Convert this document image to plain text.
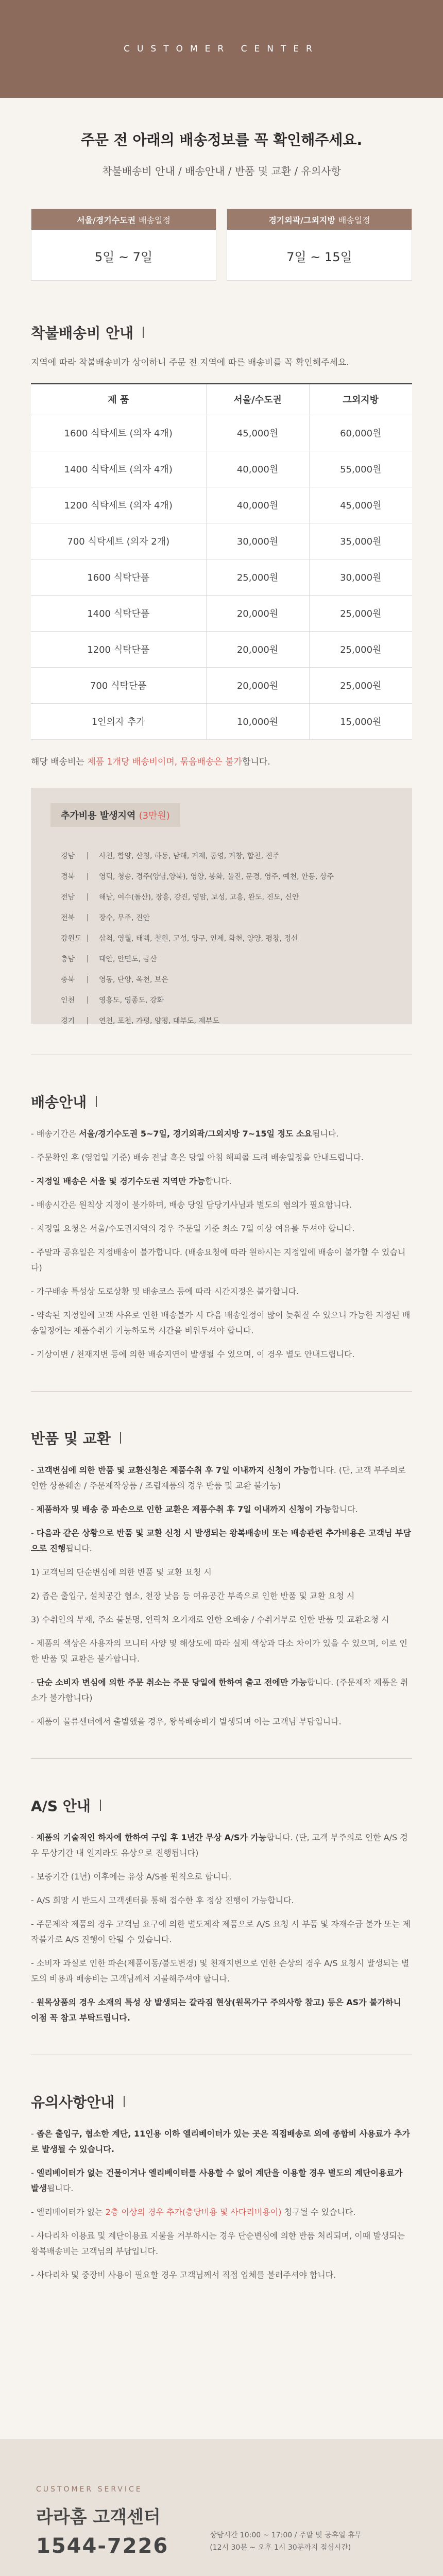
CUSTOMER CENTER
주문 전 아래의 배송정보를 꼭 확인해주세요.
착불배송비 안내 / 배송안내 / 반품 및 교환 / 유의사항
서울/경기수도권 배송일정
5일 ~ 7일
경기외곽/그외지방 배송일정
7일 ~ 15일
착불배송비 안내
지역에 따라 착불배송비가 상이하니 주문 전 지역에 따른 배송비를 꼭 확인해주세요.
제 품	서울/수도권	그외지방
1600 식탁세트 (의자 4개)	45,000원	60,000원
1400 식탁세트 (의자 4개)	40,000원	55,000원
1200 식탁세트 (의자 4개)	40,000원	45,000원
700 식탁세트 (의자 2개)	30,000원	35,000원
1600 식탁단품	25,000원	30,000원
1400 식탁단품	20,000원	25,000원
1200 식탁단품	20,000원	25,000원
700 식탁단품	20,000원	25,000원
1인의자 추가	10,000원	15,000원
해당 배송비는 제품 1개당 배송비이며, 묶음배송은 불가합니다.
추가비용 발생지역 (3만원)
경남	|	사천, 함양, 산청, 하동, 남해, 거제, 통영, 거창, 합천, 진주
경북	|	영덕, 청송, 경주(양남,양북), 영양, 봉화, 울진, 문경, 영주, 예천, 안동, 상주
전남	|	해남, 여수(돌산), 장흥, 강진, 영암, 보성, 고흥, 완도, 진도, 신안
전북	|	장수, 무주, 진안
강원도 |	삼척, 영월, 태백, 철원, 고성, 양구, 인제, 화천, 양양, 평창, 정선
충남	|	태안, 안면도, 금산
충북	|	영동, 단양, 옥천, 보은
인천	|	영흥도, 영종도, 강화
경기	|	연천, 포천, 가평, 양평, 대부도, 제부도
배송안내
- 배송기간은 서울/경기수도권 5~7일, 경기외곽/그외지방 7~15일 정도 소요됩니다.
- 주문확인 후 (영업일 기준) 배송 전날 혹은 당일 아침 해피콜 드려 배송일정을 안내드립니다.
- 지정일 배송은 서울 및 경기수도권 지역만 가능합니다.
- 배송시간은 원칙상 지정이 불가하며, 배송 당일 담당기사님과 별도의 협의가 필요합니다.
- 지정일 요청은 서울/수도권지역의 경우 주문일 기준 최소 7일 이상 여유를 두셔야 합니다.
- 주말과 공휴일은 지정배송이 불가합니다. (배송요청에 따라 원하시는 지정일에 배송이 불가할 수 있습니다)
- 가구배송 특성상 도로상황 및 배송코스 등에 따라 시간지정은 불가합니다.
- 약속된 지정일에 고객 사유로 인한 배송불가 시 다음 배송일정이 많이 늦춰질 수 있으니 가능한 지정된 배송일정에는 제품수취가 가능하도록 시간을 비워두셔야 합니다.
- 기상이변 / 천재지변 등에 의한 배송지연이 발생될 수 있으며, 이 경우 별도 안내드립니다.
반품 및 교환
- 고객변심에 의한 반품 및 교환신청은 제품수취 후 7일 이내까지 신청이 가능합니다. (단, 고객 부주의로 인한 상품훼손 / 주문제작상품 / 조립제품의 경우 반품 및 교환 불가능)
- 제품하자 및 배송 중 파손으로 인한 교환은 제품수취 후 7일 이내까지 신청이 가능합니다.
- 다음과 같은 상황으로 반품 및 교환 신청 시 발생되는 왕복배송비 또는 배송관련 추가비용은 고객님 부담으로 진행됩니다.
1) 고객님의 단순변심에 의한 반품 및 교환 요청 시
2) 좁은 출입구, 설치공간 협소, 천장 낮음 등 여유공간 부족으로 인한 반품 및 교환 요청 시
3) 수취인의 부재, 주소 불분명, 연락처 오기재로 인한 오배송 / 수취거부로 인한 반품 및 교환요청 시
- 제품의 색상은 사용자의 모니터 사양 및 해상도에 따라 실제 색상과 다소 차이가 있을 수 있으며, 이로 인한 반품 및 교환은 불가합니다.
- 단순 소비자 변심에 의한 주문 취소는 주문 당일에 한하여 출고 전에만 가능합니다. (주문제작 제품은 취소가 불가합니다)
- 제품이 물류센터에서 출발했을 경우, 왕복배송비가 발생되며 이는 고객님 부담입니다.
A/S 안내
- 제품의 기술적인 하자에 한하여 구입 후 1년간 무상 A/S가 가능합니다. (단, 고객 부주의로 인한 A/S 경우 무상기간 내 일지라도 유상으로 진행됩니다)
- 보증기간 (1년) 이후에는 유상 A/S를 원칙으로 합니다.
- A/S 희망 시 반드시 고객센터를 통해 접수한 후 정상 진행이 가능합니다.
- 주문제작 제품의 경우 고객님 요구에 의한 별도제작 제품으로 A/S 요청 시 부품 및 자재수급 불가 또는 제작불가로 A/S 진행이 안될 수 있습니다.
- 소비자 과실로 인한 파손(제품이동/불도변경) 및 천재지변으로 인한 손상의 경우 A/S 요청시 발생되는 별도의 비용과 배송비는 고객님께서 지불해주셔야 합니다.
- 원목상품의 경우 소재의 특성 상 발생되는 갈라짐 현상(원목가구 주의사항 참고) 등은 AS가 불가하니 이점 꼭 참고 부탁드립니다.
유의사항안내
- 좁은 출입구, 협소한 계단, 11인용 이하 엘리베이터가 있는 곳은 직접배송로 외에 종합비 사용료가 추가로 발생될 수 있습니다.
- 엘리베이터가 없는 건물이거나 엘리베이터를 사용할 수 없어 계단을 이용할 경우 별도의 계단이용료가 발생됩니다.
- 엘리베이터가 없는 2층 이상의 경우 추가(층당비용 및 사다리비용이) 청구될 수 있습니다.
- 사다리차 이용료 및 계단이용료 지불을 거부하시는 경우 단순변심에 의한 반품 처리되며, 이때 발생되는 왕복배송비는 고객님의 부담입니다.
- 사다리차 및 중장비 사용이 필요할 경우 고객님께서 직접 업체를 불러주셔야 합니다.
CUSTOMER SERVICE
라라홈 고객센터
1544-7226	상담시간 10:00 ~ 17:00 / 주말 및 공휴일 휴무
(12시 30분 ~ 오후 1시 30분까지 점심시간)
